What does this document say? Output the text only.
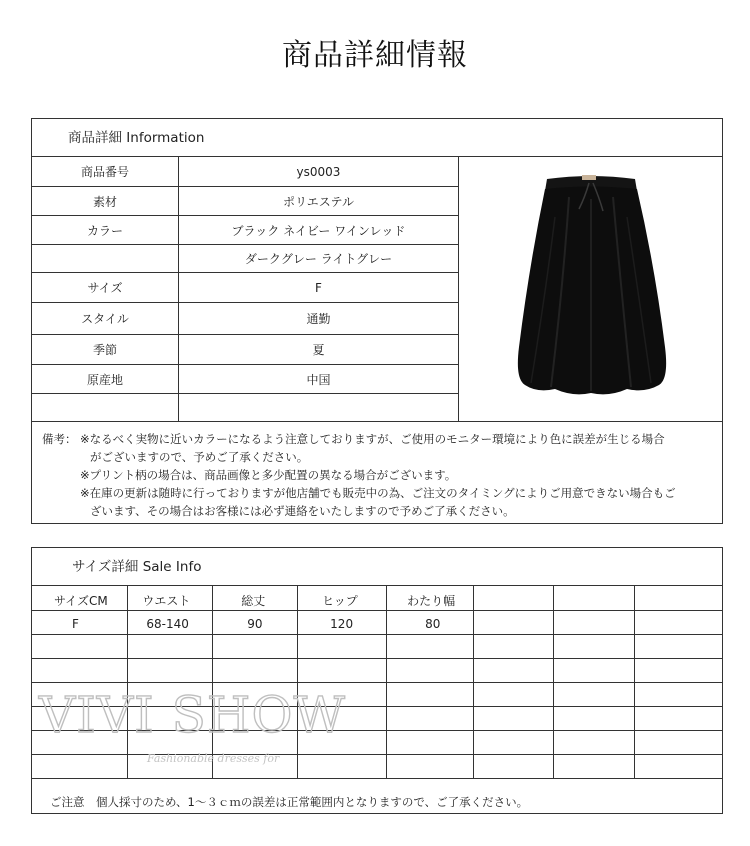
商品詳細情報
商品詳細 Information
商品番号	ys0003
素材	ポリエステル
カラー	ブラック ネイビー ワインレッド
ダークグレー ライトグレー
サイズ	F
スタイル	通勤
季節	夏
原産地	中国
備考： ※なるべく実物に近いカラーになるよう注意しておりますが、ご使用のモニター環境により色に誤差が生じる場合
がございますので、予めご了承ください。
※プリント柄の場合は、商品画像と多少配置の異なる場合がございます。
※在庫の更新は随時に行っておりますが他店舗でも販売中の為、ご注文のタイミングによりご用意できない場合もご
ざいます、その場合はお客様には必ず連絡をいたしますので予めご了承ください。
サイズ詳細 Sale Info
サイズCM	ウエスト	総丈	ヒップ	わたり幅			
F	68-140	90	120	80			

ご注意　個人採寸のため、1～３ｃｍの誤差は正常範囲内となりますので、ご了承ください。
VIVI SHOW
Fashionable dresses for
